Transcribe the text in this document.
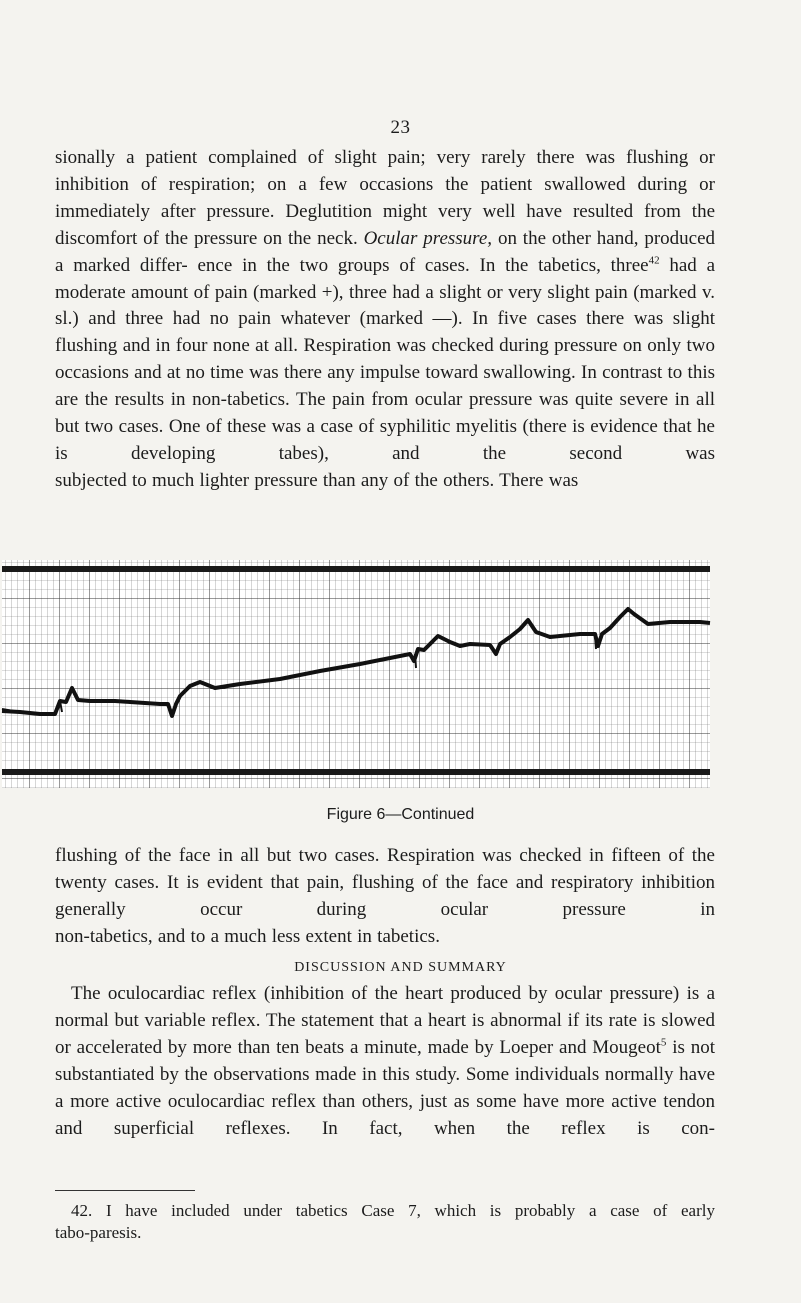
23

sionally a patient complained of slight pain; very rarely there was flushing or inhibition of respiration; on a few occasions the patient swallowed during or immediately after pressure. Deglutition might very well have resulted from the discomfort of the pressure on the neck. Ocular pressure, on the other hand, produced a marked differ- ence in the two groups of cases. In the tabetics, three$^{42}$ had a moderate amount of pain (marked +), three had a slight or very slight pain (marked v. sl.) and three had no pain whatever (marked —). In five cases there was slight flushing and in four none at all. Respiration was checked during pressure on only two occasions and at no time was there any impulse toward swallowing. In contrast to this are the results in non-tabetics. The pain from ocular pressure was quite severe in all but two cases. One of these was a case of syphilitic myelitis (there is evidence that he is developing tabes), and the second was
subjected to much lighter pressure than any of the others. There was

Figure 6—Continued

flushing of the face in all but two cases. Respiration was checked in fifteen of the twenty cases. It is evident that pain, flushing of the face and respiratory inhibition generally occur during ocular pressure in
non-tabetics, and to a much less extent in tabetics.

DISCUSSION AND SUMMARY

The oculocardiac reflex (inhibition of the heart produced by ocular pressure) is a normal but variable reflex. The statement that a heart is abnormal if its rate is slowed or accelerated by more than ten beats a minute, made by Loeper and Mougeot$^5$ is not substantiated by the observations made in this study. Some individuals normally have a more active oculocardiac reflex than others, just as some have more active tendon and superficial reflexes. In fact, when the reflex is con-

42. I have included under tabetics Case 7, which is probably a case of early
tabo-paresis.
